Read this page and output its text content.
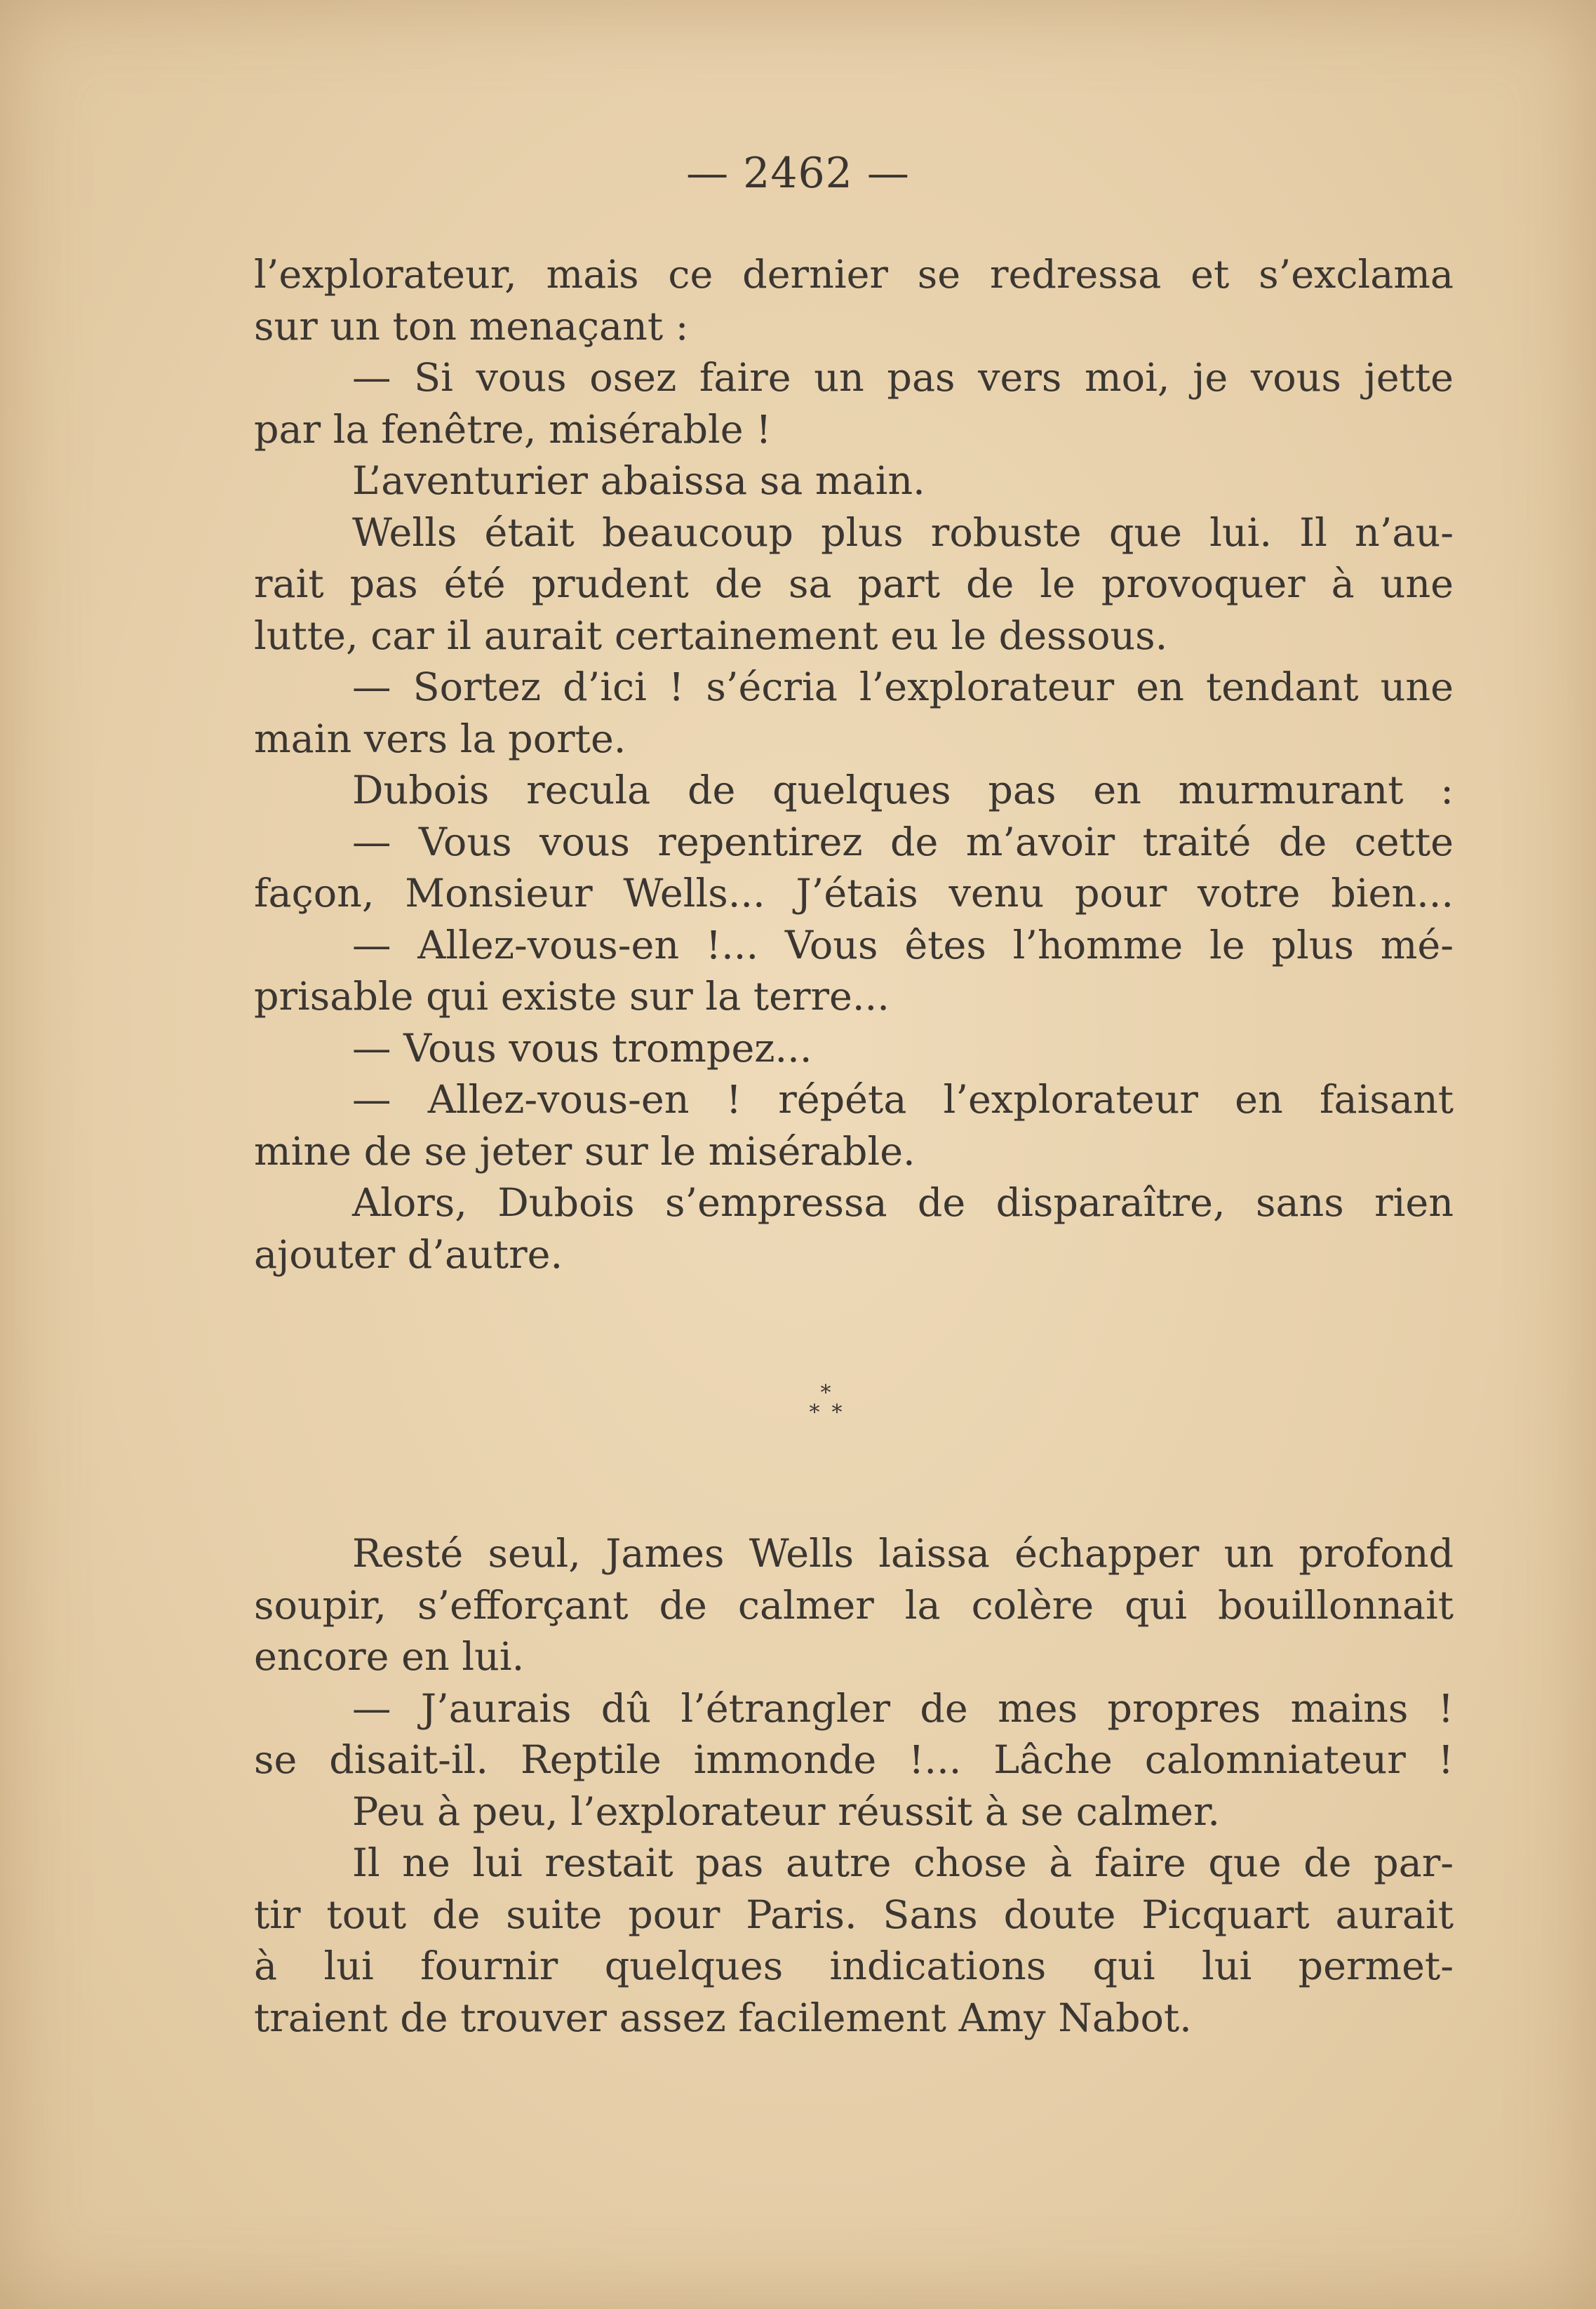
— 2462 —
l’explorateur, mais ce dernier se redressa et s’exclama
sur un ton menaçant :
— Si vous osez faire un pas vers moi, je vous jette
par la fenêtre, misérable !
L’aventurier abaissa sa main.
Wells était beaucoup plus robuste que lui. Il n’au-
rait pas été prudent de sa part de le provoquer à une
lutte, car il aurait certainement eu le dessous.
— Sortez d’ici ! s’écria l’explorateur en tendant une
main vers la porte.
Dubois recula de quelques pas en murmurant :
— Vous vous repentirez de m’avoir traité de cette
façon, Monsieur Wells... J’étais venu pour votre bien...
— Allez-vous-en !... Vous êtes l’homme le plus mé-
prisable qui existe sur la terre...
— Vous vous trompez...
— Allez-vous-en ! répéta l’explorateur en faisant
mine de se jeter sur le misérable.
Alors, Dubois s’empressa de disparaître, sans rien
ajouter d’autre.
*
* *
Resté seul, James Wells laissa échapper un profond
soupir, s’efforçant de calmer la colère qui bouillonnait
encore en lui.
— J’aurais dû l’étrangler de mes propres mains !
se disait-il. Reptile immonde !... Lâche calomniateur !
Peu à peu, l’explorateur réussit à se calmer.
Il ne lui restait pas autre chose à faire que de par-
tir tout de suite pour Paris. Sans doute Picquart aurait
à lui fournir quelques indications qui lui permet-
traient de trouver assez facilement Amy Nabot.
